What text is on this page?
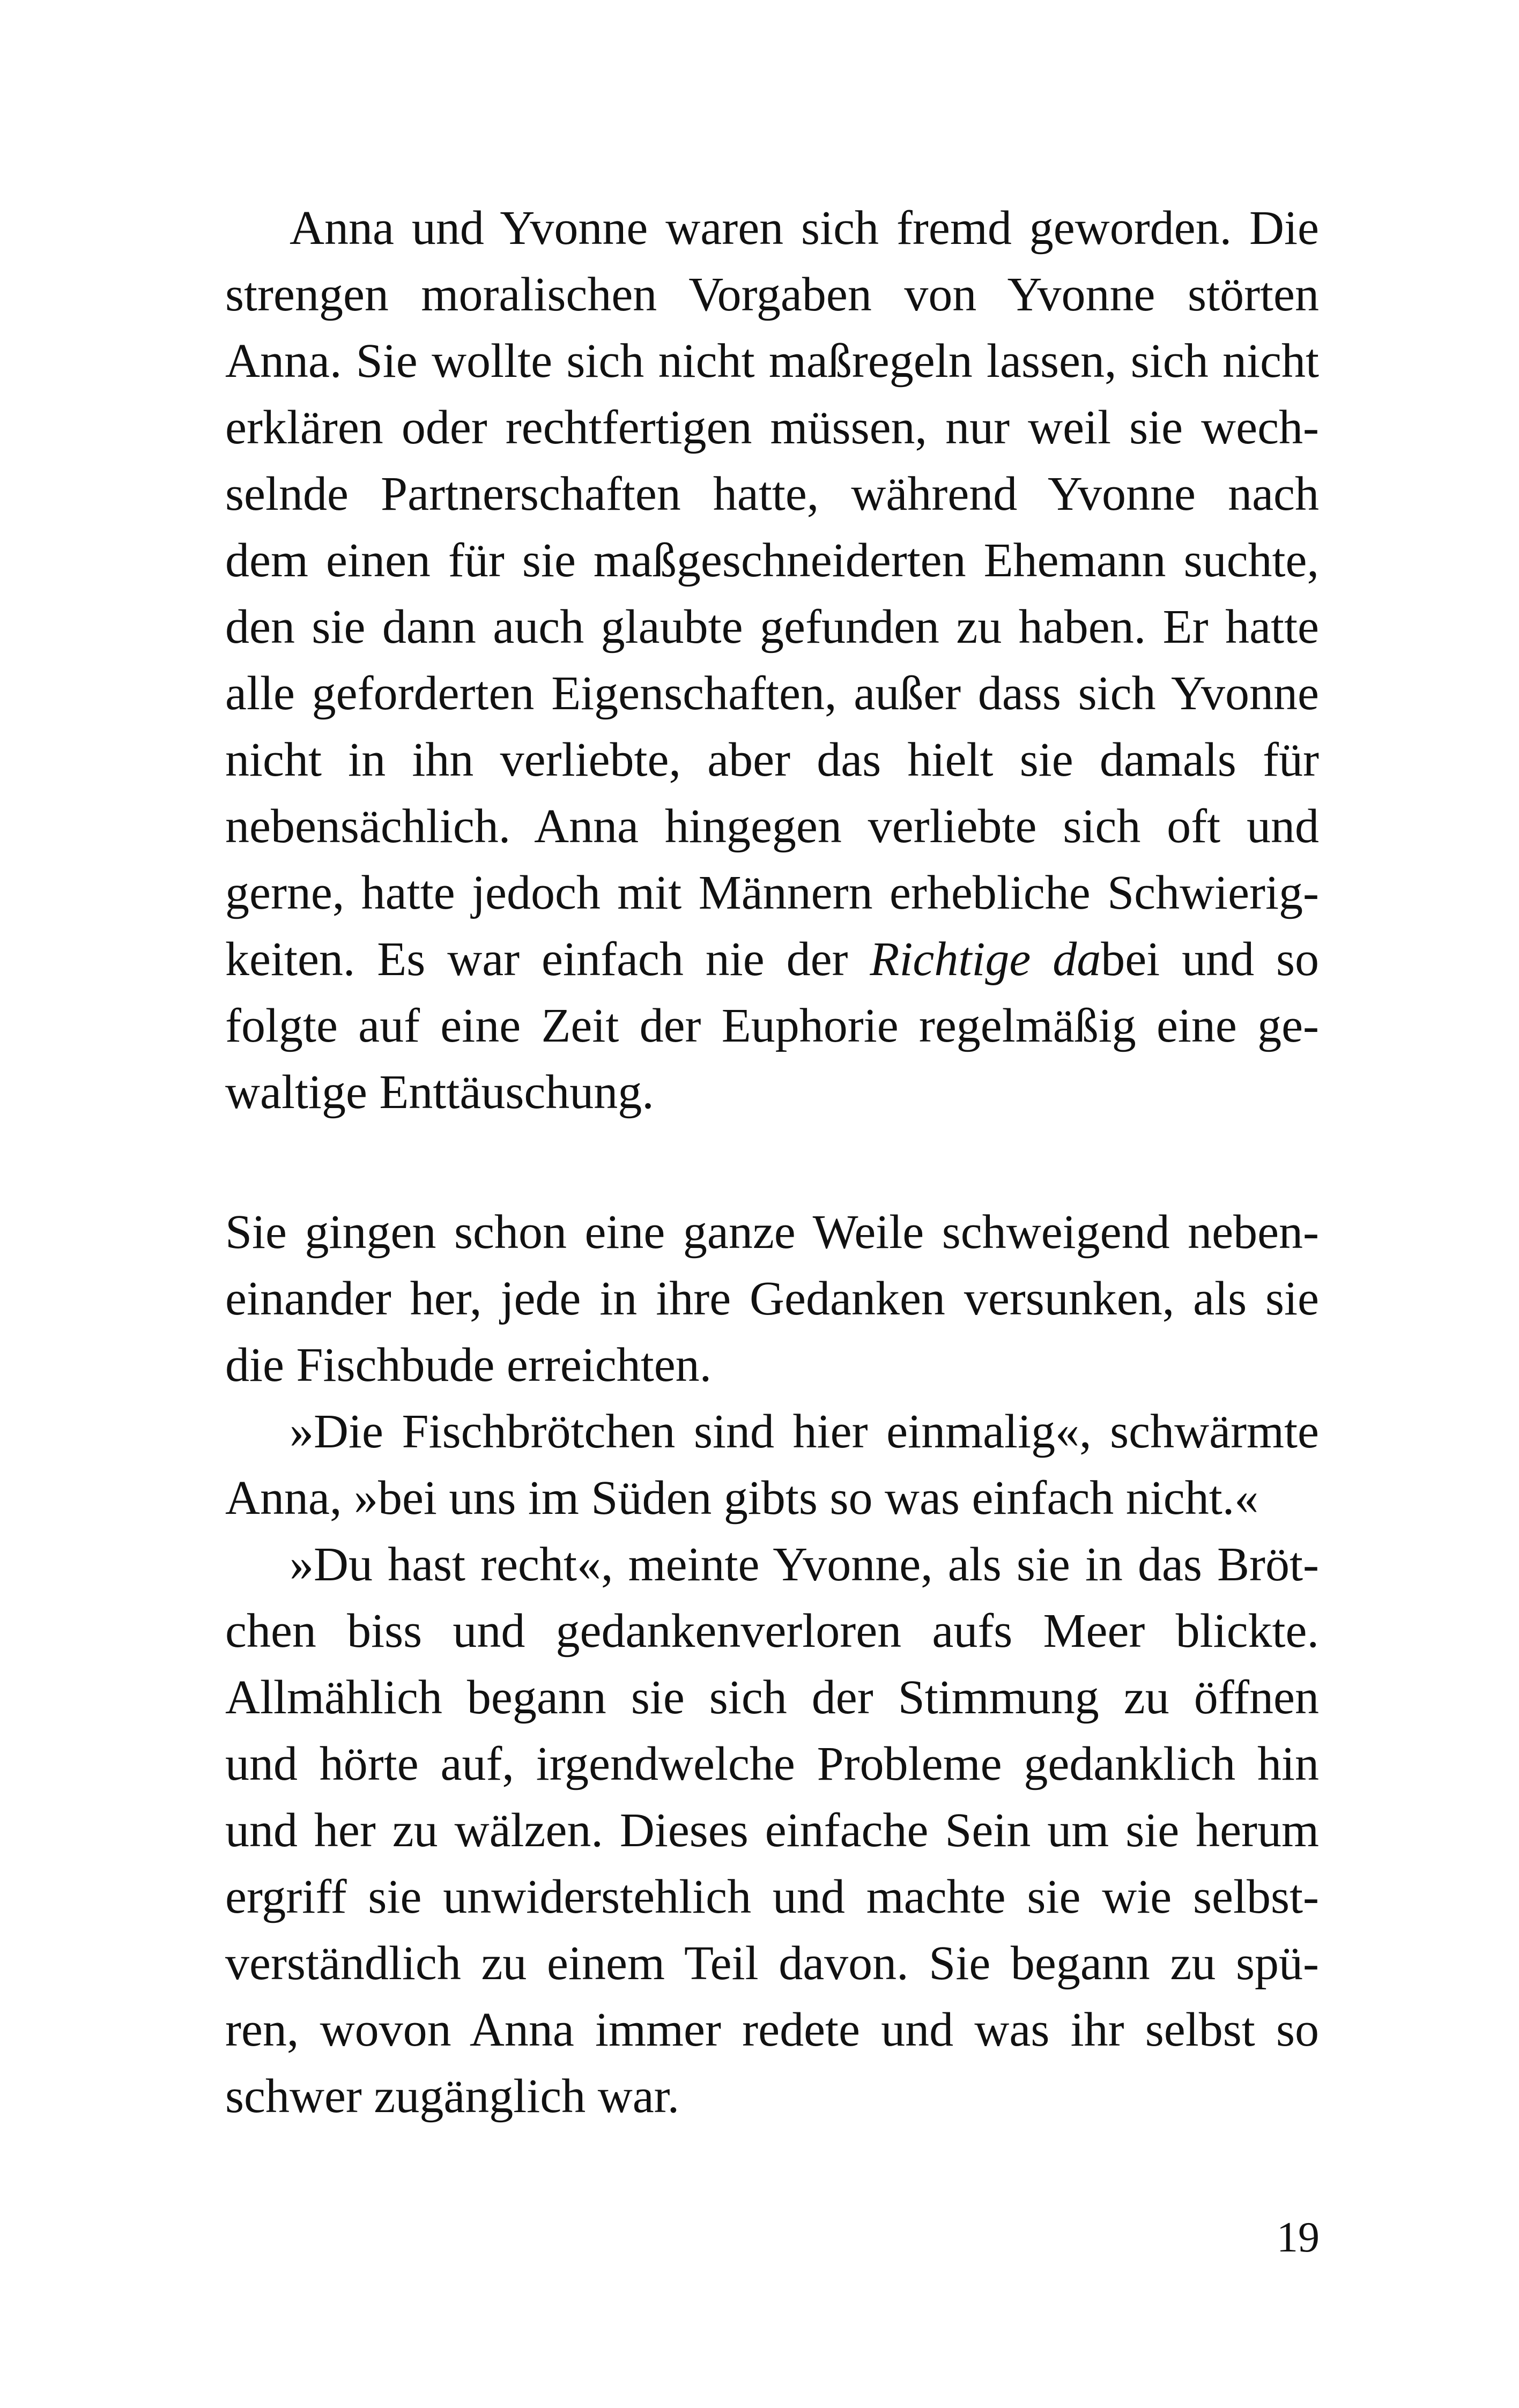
Anna und Yvonne waren sich fremd geworden. Die
strengen moralischen Vorgaben von Yvonne störten
Anna. Sie wollte sich nicht maßregeln lassen, sich nicht
erklären oder rechtfertigen müssen, nur weil sie wech-
selnde Partnerschaften hatte, während Yvonne nach
dem einen für sie maßgeschneiderten Ehemann suchte,
den sie dann auch glaubte gefunden zu haben. Er hatte
alle geforderten Eigenschaften, außer dass sich Yvonne
nicht in ihn verliebte, aber das hielt sie damals für
nebensächlich. Anna hingegen verliebte sich oft und
gerne, hatte jedoch mit Männern erhebliche Schwierig-
keiten. Es war einfach nie der Richtige dabei und so
folgte auf eine Zeit der Euphorie regelmäßig eine ge-
waltige Enttäuschung.
Sie gingen schon eine ganze Weile schweigend neben-
einander her, jede in ihre Gedanken versunken, als sie
die Fischbude erreichten.
»Die Fischbrötchen sind hier einmalig«, schwärmte
Anna, »bei uns im Süden gibts so was einfach nicht.«
»Du hast recht«, meinte Yvonne, als sie in das Bröt-
chen biss und gedankenverloren aufs Meer blickte.
Allmählich begann sie sich der Stimmung zu öffnen
und hörte auf, irgendwelche Probleme gedanklich hin
und her zu wälzen. Dieses einfache Sein um sie herum
ergriff sie unwiderstehlich und machte sie wie selbst-
verständlich zu einem Teil davon. Sie begann zu spü-
ren, wovon Anna immer redete und was ihr selbst so
schwer zugänglich war.
19
